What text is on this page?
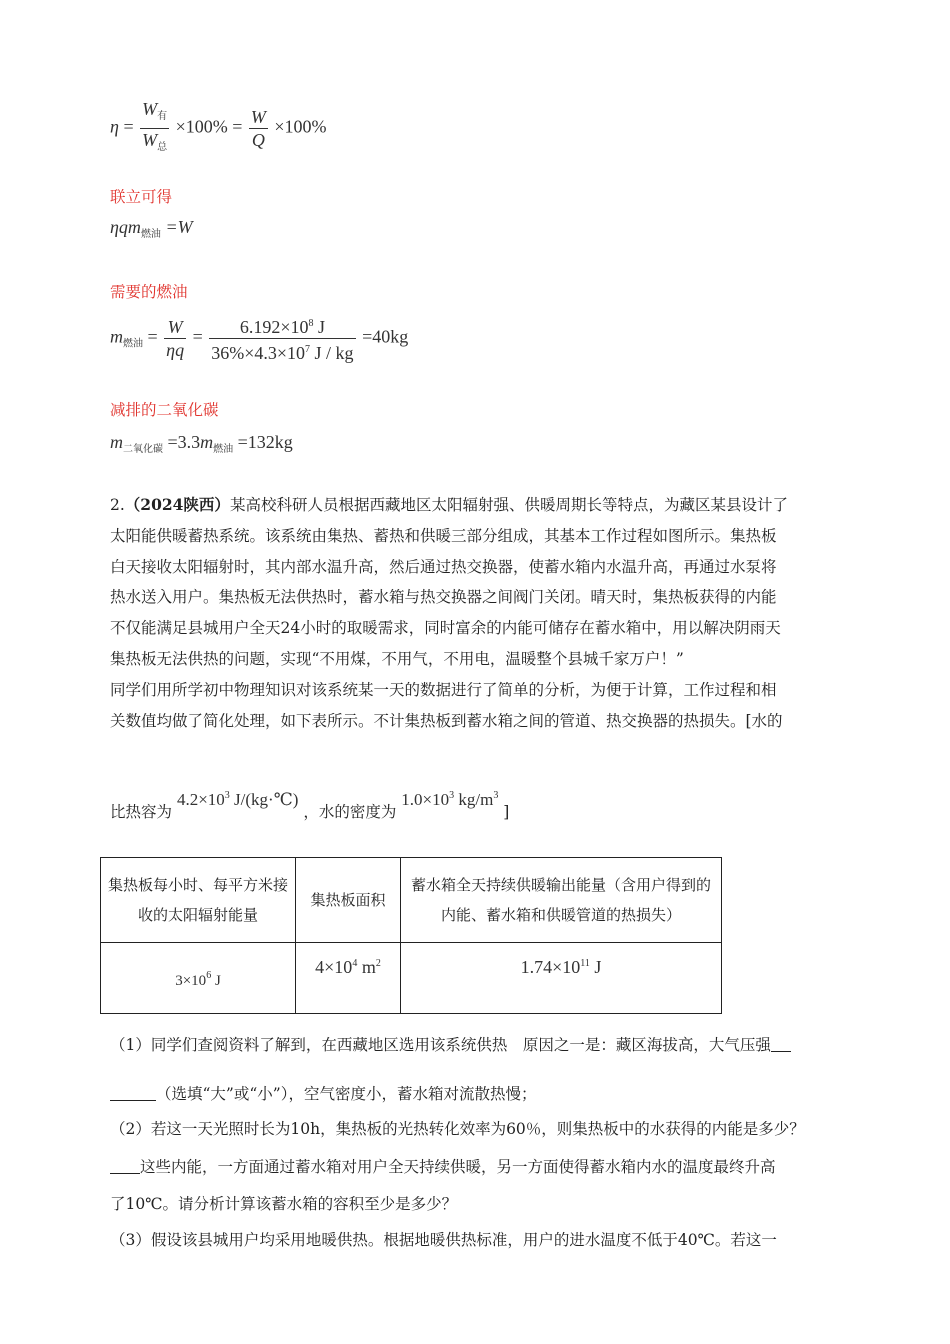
$\eta = \frac{W_有}{W_总} \times 100\% = \frac{W}{Q} \times 100\%$
联立可得
ηqm$_{燃油}$ =W
需要的燃油
$m_{燃油} = \frac{W}{\eta q} = \frac{6.192\times 10^8 J}{36\%\times 4.3\times 10^7 J / kg} =40kg$
减排的二氧化碳
$m_{二氧化碳} =3.3m_{燃油} =132kg$
2.（2024陕西）某高校科研人员根据西藏地区太阳辐射强、供暖周期长等特点，为藏区某县设计了
太阳能供暖蓄热系统。该系统由集热、蓄热和供暖三部分组成，其基本工作过程如图所示。集热板
白天接收太阳辐射时，其内部水温升高，然后通过热交换器，使蓄水箱内水温升高，再通过水泵将
热水送入用户。集热板无法供热时，蓄水箱与热交换器之间阀门关闭。晴天时，集热板获得的内能
不仅能满足县城用户全天24小时的取暖需求，同时富余的内能可储存在蓄水箱中，用以解决阴雨天
集热板无法供热的问题，实现“不用煤，不用气，不用电，温暖整个县城千家万户！”
同学们用所学初中物理知识对该系统某一天的数据进行了简单的分析，为便于计算，工作过程和相
关数值均做了简化处理，如下表所示。不计集热板到蓄水箱之间的管道、热交换器的热损失。[水的
比热容为 $4.2\times 10^3$ J/(kg·℃) ，水的密度为 $1.0\times 10^3$ $kg/m^3$ ]
集热板每小时、每平方米接收的太阳辐射能量	集热板面积	蓄水箱全天持续供暖输出能量（含用户得到的内能、蓄水箱和供暖管道的热损失）
$3\times 10^6$ J	$4\times 10^4$ $m^2$	$1.74\times 10^{11}$ J
（1）同学们查阅资料了解到，在西藏地区选用该系统供热　原因之一是：藏区海拔高，大气压强
（选填“大”或“小”），空气密度小，蓄水箱对流散热慢；
（2）若这一天光照时长为10h，集热板的光热转化效率为60％，则集热板中的水获得的内能是多少？
这些内能，一方面通过蓄水箱对用户全天持续供暖，另一方面使得蓄水箱内水的温度最终升高
了10℃。请分析计算该蓄水箱的容积至少是多少？
（3）假设该县城用户均采用地暖供热。根据地暖供热标准，用户的进水温度不低于40℃。若这一
